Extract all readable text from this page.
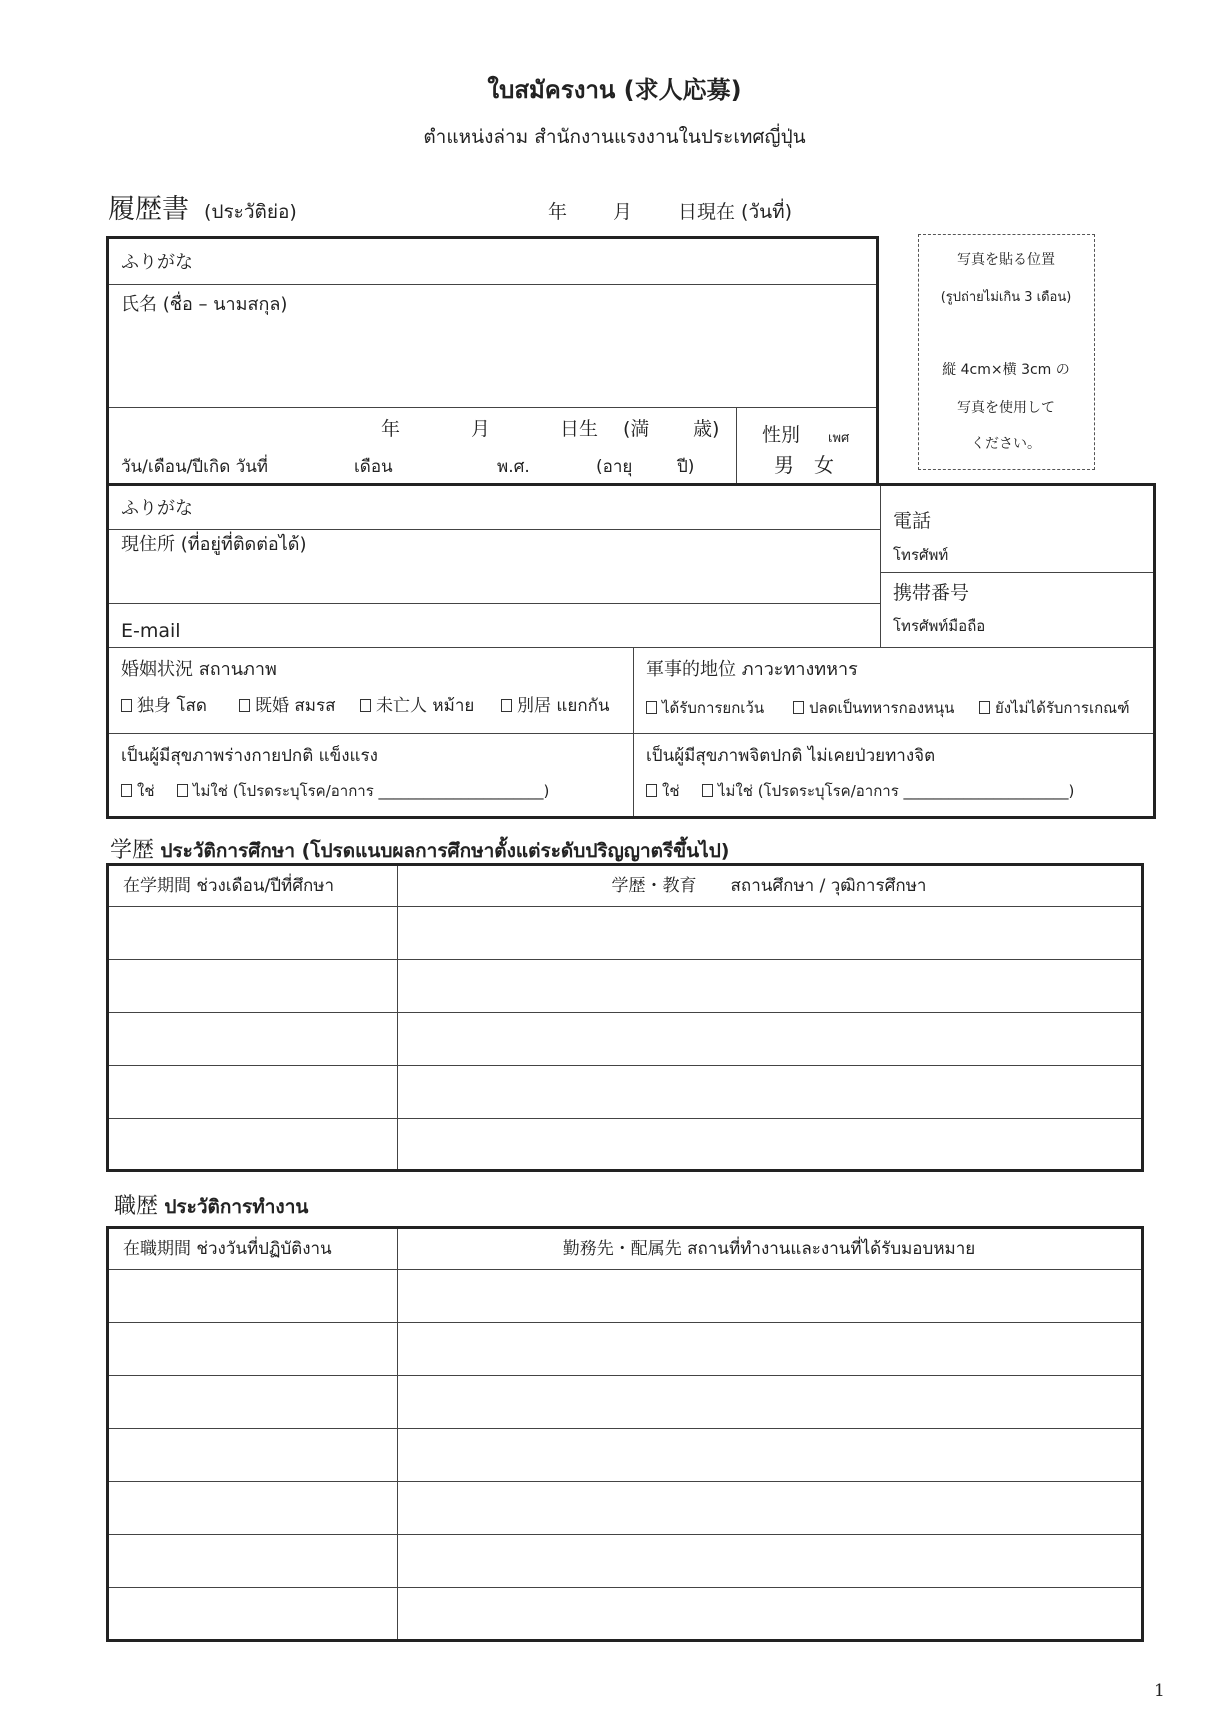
ใบสมัครงาน (求人応募)
ตำแหน่งล่าม สำนักงานแรงงานในประเทศญี่ปุ่น
履歴書 (ประวัติย่อ)	年 月 日現在 (วันที่)
写真を貼る位置
(รูปถ่ายไม่เกิน 3 เดือน)
縦 4cm×横 3cm の
写真を使用して
ください。
ふりがな
氏名 (ชื่อ – นามสกุล)
年	月	日生 (満 歳)
วัน/เดือน/ปีเกิด วันที่	เดือน	พ.ศ.	(อายุ	ปี)
性別 เพศ
男　女
ふりがな
現住所 (ที่อยู่ที่ติดต่อได้)
E-mail
電話
โทรศัพท์
携帯番号
โทรศัพท์มือถือ
婚姻状況 สถานภาพ
独身 โสด	既婚 สมรส	未亡人 หม้าย	別居 แยกกัน
軍事的地位 ภาวะทางทหาร
ได้รับการยกเว้น	ปลดเป็นทหารกองหนุน	ยังไม่ได้รับการเกณฑ์
เป็นผู้มีสุขภาพร่างกายปกติ แข็งแรง
ใช่	ไม่ใช่ (โปรดระบุโรค/อาการ ______________________)
เป็นผู้มีสุขภาพจิตปกติ ไม่เคยป่วยทางจิต
ใช่	ไม่ใช่ (โปรดระบุโรค/อาการ ______________________)
学歴 ประวัติการศึกษา (โปรดแนบผลการศึกษาตั้งแต่ระดับปริญญาตรีขึ้นไป)
在学期間 ช่วงเดือน/ปีที่ศึกษา	学歴・教育　　สถานศึกษา / วุฒิการศึกษา
職歴 ประวัติการทำงาน
在職期間 ช่วงวันที่ปฏิบัติงาน	勤務先・配属先 สถานที่ทำงานและงานที่ได้รับมอบหมาย
1
